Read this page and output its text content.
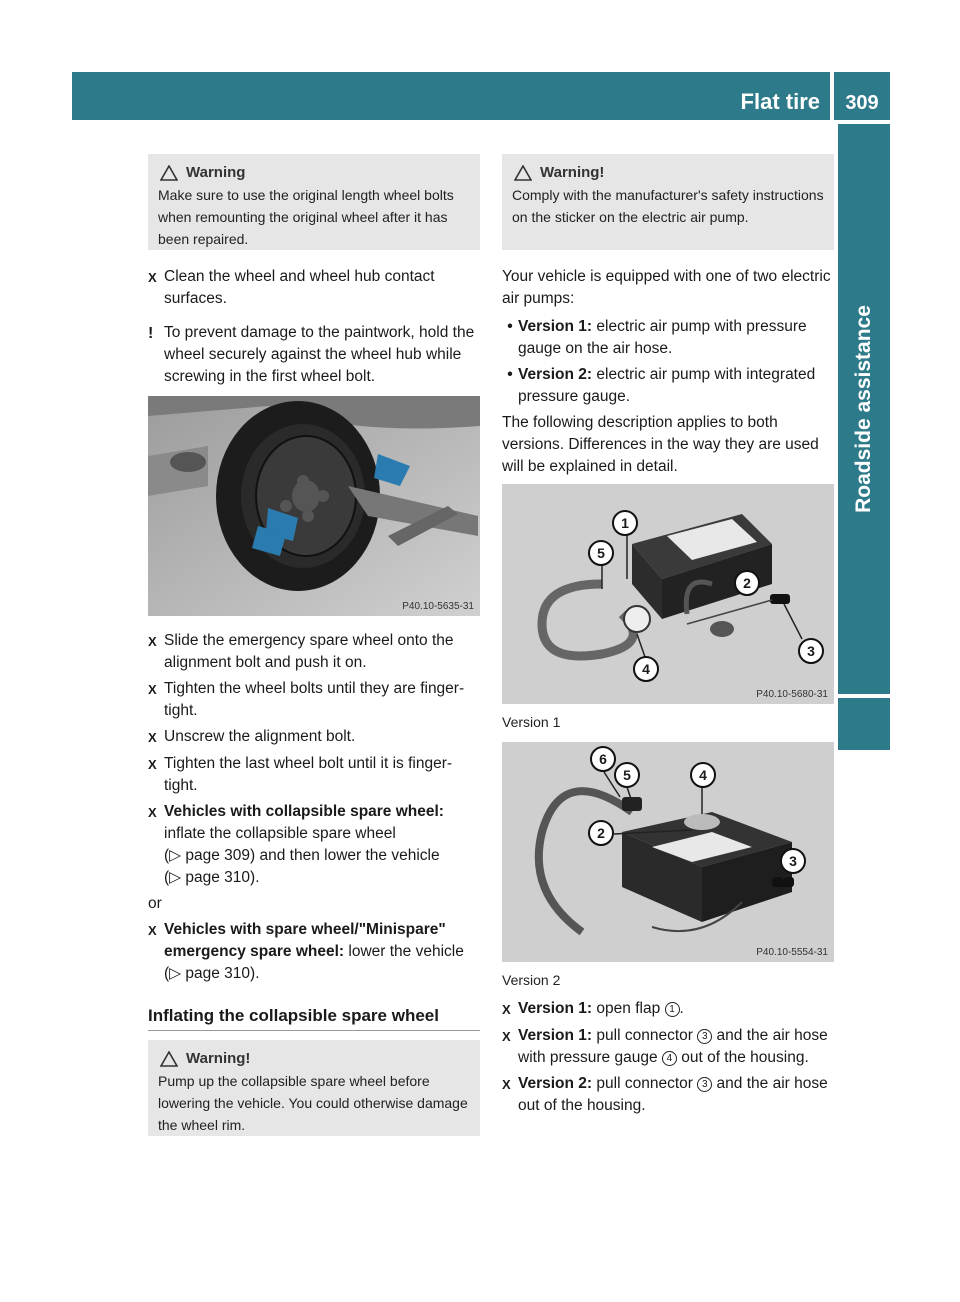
Flat tire	309
Roadside assistance
Warning
Make sure to use the original length wheel bolts when remounting the original wheel after it has been repaired.
X Clean the wheel and wheel hub contact surfaces.
! To prevent damage to the paintwork, hold the wheel securely against the wheel hub while screwing in the first wheel bolt.
P40.10-5635-31
X Slide the emergency spare wheel onto the alignment bolt and push it on.
X Tighten the wheel bolts until they are finger-tight.
X Unscrew the alignment bolt.
X Tighten the last wheel bolt until it is finger-tight.
X Vehicles with collapsible spare wheel:
inflate the collapsible spare wheel
(▷ page 309) and then lower the vehicle
(▷ page 310).
or
X Vehicles with spare wheel/"Minispare" emergency spare wheel: lower the vehicle (▷ page 310).
Inflating the collapsible spare wheel
Warning!
Pump up the collapsible spare wheel before lowering the vehicle. You could otherwise damage the wheel rim.
Warning!
Comply with the manufacturer's safety instructions on the sticker on the electric air pump.
Your vehicle is equipped with one of two electric air pumps:
• Version 1: electric air pump with pressure gauge on the air hose.
• Version 2: electric air pump with integrated pressure gauge.
The following description applies to both versions. Differences in the way they are used will be explained in detail.
1
2
3
4
5
P40.10-5680-31
Version 1
2
3
4
5
6
P40.10-5554-31
Version 2
X Version 1: open flap 1 .
X Version 1: pull connector 3 and the air hose with pressure gauge 4 out of the housing.
X Version 2: pull connector 3 and the air hose out of the housing.
